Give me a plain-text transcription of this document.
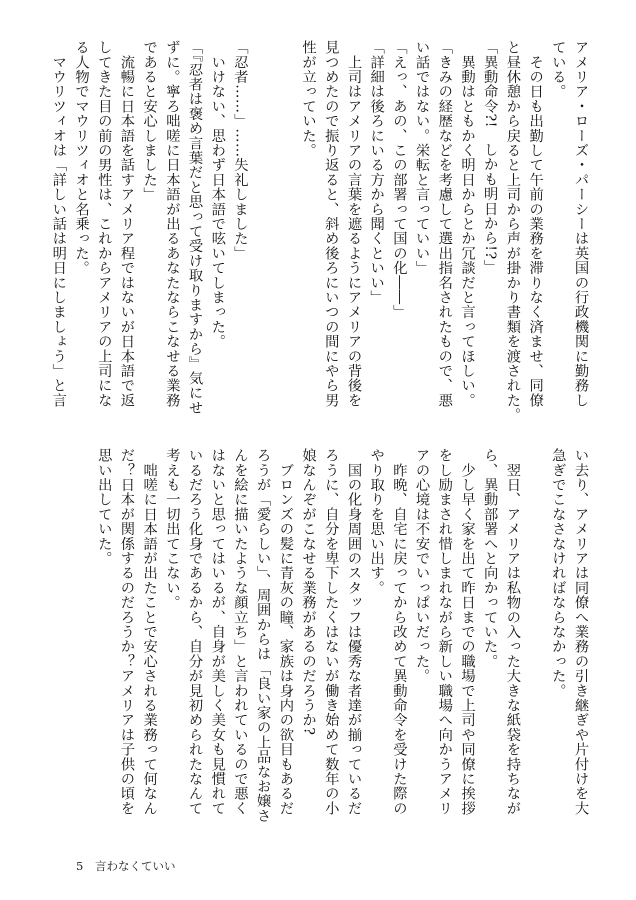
アメリア・ローズ・パーシーは英国の行政機関に勤務し
ている。
　その日も出勤して午前の業務を滞りなく済ませ、同僚
と昼休憩から戻ると上司から声が掛かり書類を渡された。
「異動命令?!　しかも明日から!?」
　異動はともかく明日からとか冗談だと言ってほしい。
「きみの経歴などを考慮して選出指名されたもので、悪
い話ではない。栄転と言っていい」
「えっ、あの、この部署って国の化――」
「詳細は後ろにいる方から聞くといい」
　上司はアメリアの言葉を遮るようにアメリアの背後を
見つめたので振り返ると、斜め後ろにいつの間にやら男
性が立っていた。

「忍者……」……失礼しました」
　いけない、思わず日本語で呟いてしまった。
「『忍者は褒め言葉だと思って受け取りますから』気にせ
ずに。寧ろ咄嗟に日本語が出るあなたならこなせる業務
であると安心しました」
　流暢に日本語を話すアメリア程ではないが日本語で返
してきた目の前の男性は、これからアメリアの上司にな
る人物でマウリツィオと名乗った。
　マウリツィオは「詳しい話は明日にしましょう」と言
い去り、アメリアは同僚へ業務の引き継ぎや片付けを大
急ぎでこなさなければならなかった。

　翌日、アメリアは私物の入った大きな紙袋を持ちなが
ら、異動部署へと向かっていた。
　少し早く家を出て昨日までの職場で上司や同僚に挨拶
をし励まされ惜しまれながら新しい職場へ向かうアメリ
アの心境は不安でいっぱいだった。
　昨晩、自宅に戻ってから改めて異動命令を受けた際の
やり取りを思い出す。
　国の化身周囲のスタッフは優秀な者達が揃っているだ
ろうに、自分を卑下したくはないが働き始めて数年の小
娘なんぞがこなせる業務があるのだろうか?
　ブロンズの髪に青灰の瞳、家族は身内の欲目もあるだ
ろうが「愛らしい」、周囲からは「良い家の上品なお嬢さ
んを絵に描いたような顔立ち」と言われているので悪く
はないと思ってはいるが、自身が美しく美女も見慣れて
いるだろう化身であるから、自分が見初められたなんて
考えも一切出てこない。
　咄嗟に日本語が出たことで安心される業務って何なん
だ？日本が関係するのだろうか？アメリアは子供の頃を
思い出していた。
5 言わなくていい
